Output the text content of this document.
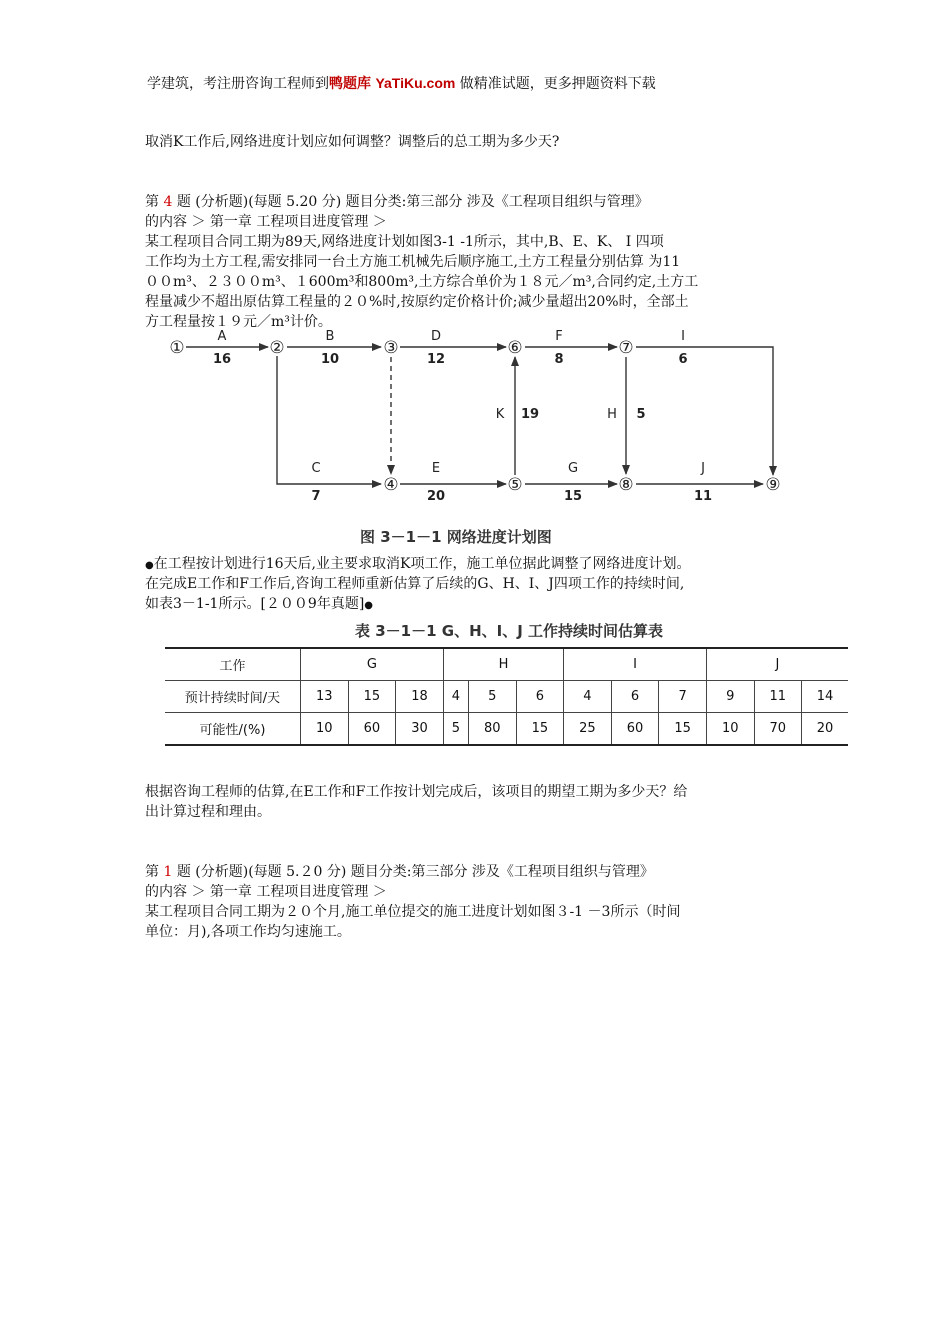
学建筑，考注册咨询工程师到鸭题库 YaTiKu.com 做精准试题，更多押题资料下载
取消K工作后,网络进度计划应如何调整？调整后的总工期为多少天?
第 4 题 (分析题)(每题 5.20 分) 题目分类:第三部分 涉及《工程项目组织与管理》
的内容 ＞ 第一章 工程项目进度管理 ＞
某工程项目合同工期为89天,网络进度计划如图3-1 -1所示，其中,B、E、K、 I 四项
工作均为土方工程,需安排同一台土方施工机械先后顺序施工,土方工程量分别估算 为11
００m³、２３００m³、１600m³和800m³,土方综合单价为１８元／m³,合同约定,土方工
程量减少不超出原估算工程量的２０%时,按原约定价格计价;减少量超出20%时，全部土
方工程量按１９元／m³计价。
①	②	③	⑥	⑦
④	⑤	⑧	⑨
A
16
B
10
D
12
F
8
I
6
C
7
E
20
G
15
J
11
K 19	H 5
图 3－1－1 网络进度计划图
●在工程按计划进行16天后,业主要求取消K项工作，施工单位据此调整了网络进度计划。
在完成E工作和F工作后,咨询工程师重新估算了后续的G、H、I、J四项工作的持续时间,
如表3－1-1所示。[２００9年真题]●
表 3－1－1 G、H、I、J 工作持续时间估算表
工作	G			H			I			J		
预计持续时间/天	13	15	18	4	5	6	4	6	7	9	11	14
可能性/(%)	10	60	30	5	80	15	25	60	15	10	70	20
根据咨询工程师的估算,在E工作和F工作按计划完成后，该项目的期望工期为多少天？给
出计算过程和理由。
第 1 题 (分析题)(每题 5.２0 分) 题目分类:第三部分 涉及《工程项目组织与管理》
的内容 ＞ 第一章 工程项目进度管理 ＞
某工程项目合同工期为２０个月,施工单位提交的施工进度计划如图３-1 －3所示（时间
单位：月),各项工作均匀速施工。
